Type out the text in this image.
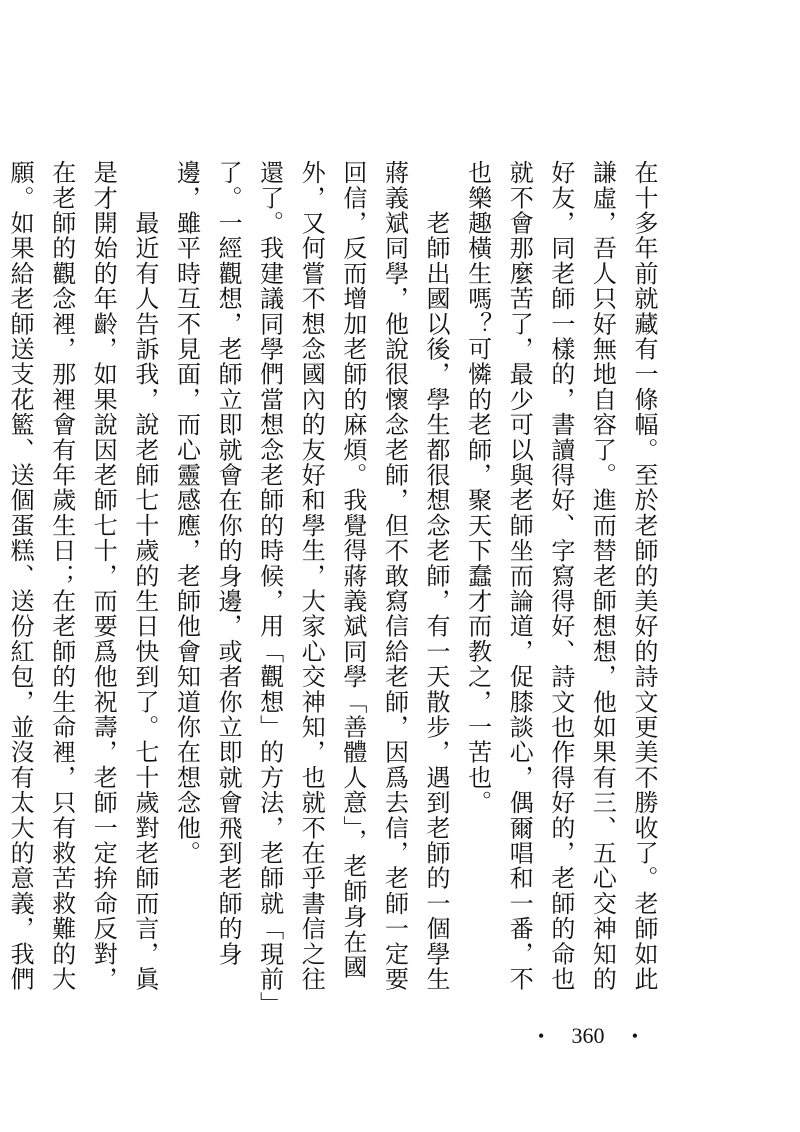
在十多年前就藏有一條幅。至於老師的美好的詩文更美不勝收了。老師如此謙虛，吾人只好無地自容了。進而替老師想想，他如果有三、五心交神知的好友，同老師一樣的，書讀得好、字寫得好、詩文也作得好的，老師的命也就不會那麼苦了，最少可以與老師坐而論道，促膝談心，偶爾唱和一番，不也樂趣橫生嗎？可憐的老師，聚天下蠢才而教之，一苦也。

　　老師出國以後，學生都很想念老師，有一天散步，遇到老師的一個學生蔣義斌同學，他說很懷念老師，但不敢寫信給老師，因爲去信，老師一定要回信，反而增加老師的麻煩。我覺得蔣義斌同學「善體人意」，老師身在國外，又何嘗不想念國內的友好和學生，大家心交神知，也就不在乎書信之往還了。我建議同學們當想念老師的時候，用「觀想」的方法，老師就「現前」了。一經觀想，老師立即就會在你的身邊，或者你立即就會飛到老師的身邊，雖平時互不見面，而心靈感應，老師他會知道你在想念他。

　　最近有人告訴我，說老師七十歲的生日快到了。七十歲對老師而言，眞是才開始的年齡，如果說因老師七十，而要爲他祝壽，老師一定拚命反對，在老師的觀念裡，那裡會有年歲生日；在老師的生命裡，只有救苦救難的大願。如果給老師送支花籃、送個蛋糕、送份紅包，並沒有太大的意義，我們

• 360 •
